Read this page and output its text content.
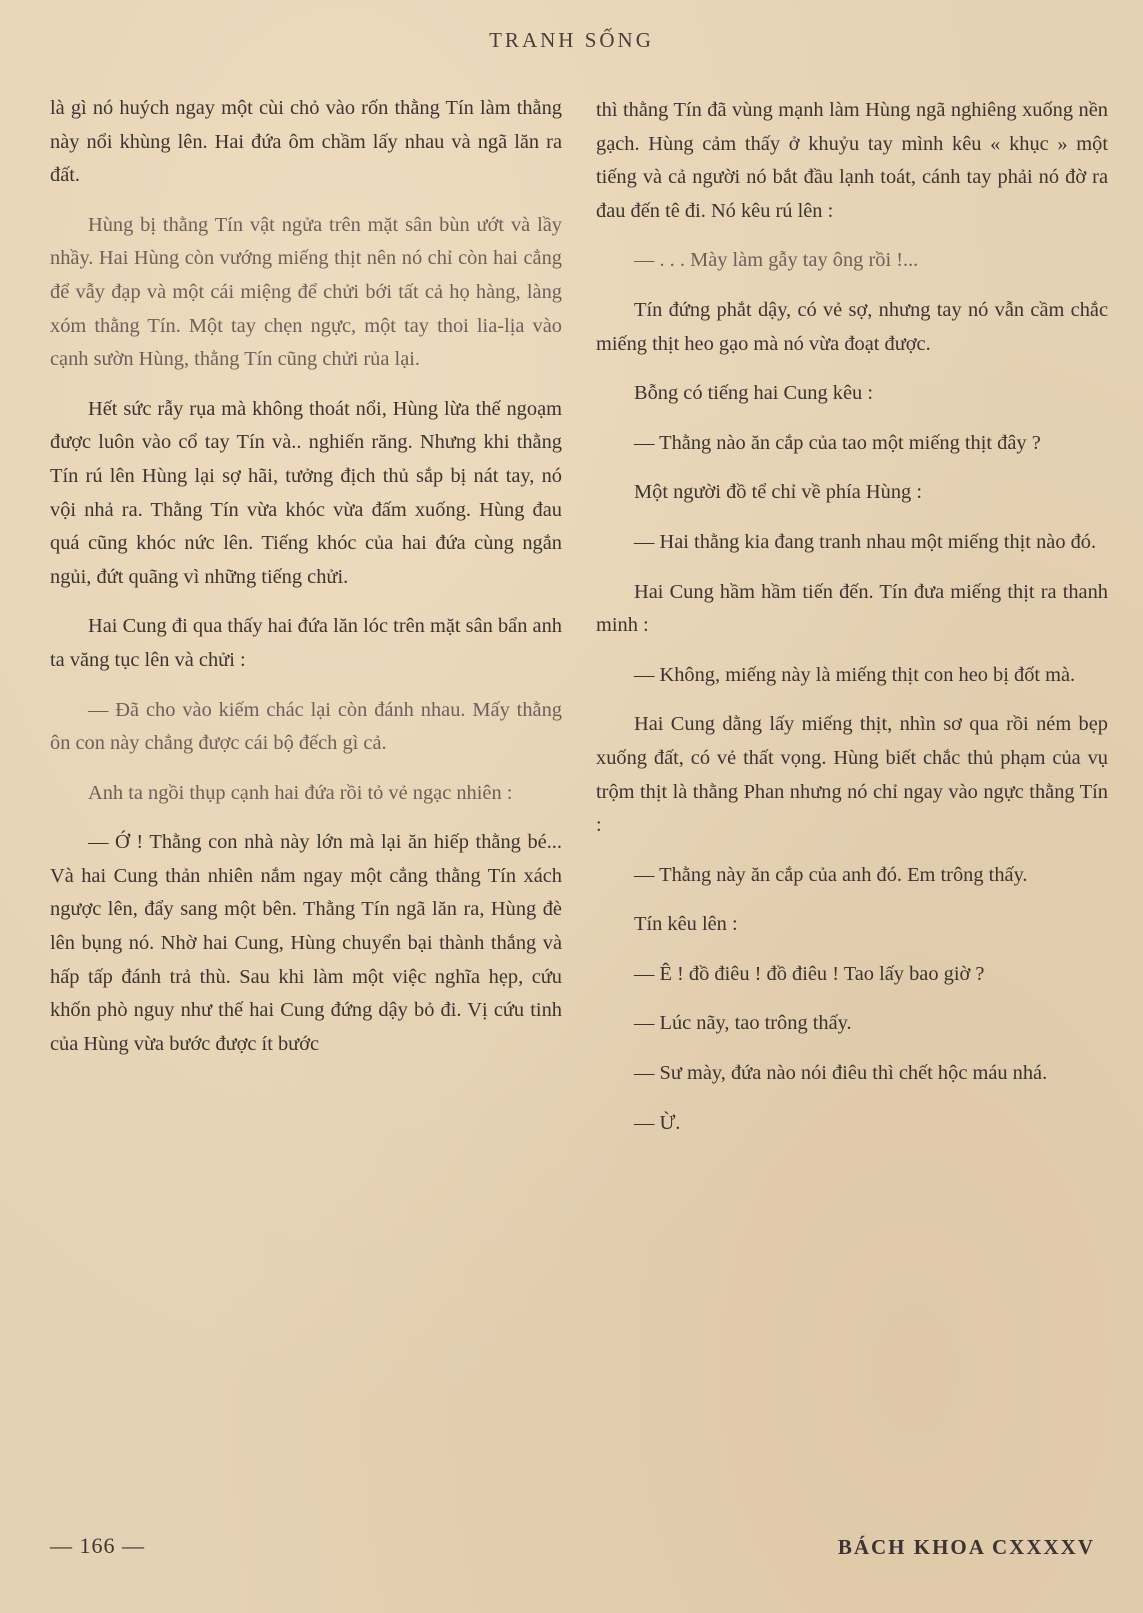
TRANH SỐNG

là gì nó huých ngay một cùi chỏ vào rốn thằng Tín làm thằng này nổi khùng lên. Hai đứa ôm chầm lấy nhau và ngã lăn ra đất.

Hùng bị thằng Tín vật ngửa trên mặt sân bùn ướt và lầy nhầy. Hai Hùng còn vướng miếng thịt nên nó chỉ còn hai cẳng để vẫy đạp và một cái miệng để chửi bới tất cả họ hàng, làng xóm thằng Tín. Một tay chẹn ngực, một tay thoi lia-lịa vào cạnh sườn Hùng, thằng Tín cũng chửi rủa lại.

Hết sức rẫy rụa mà không thoát nổi, Hùng lừa thế ngoạm được luôn vào cổ tay Tín và.. nghiến răng. Nhưng khi thằng Tín rú lên Hùng lại sợ hãi, tưởng địch thủ sắp bị nát tay, nó vội nhả ra. Thằng Tín vừa khóc vừa đấm xuống. Hùng đau quá cũng khóc nức lên. Tiếng khóc của hai đứa cùng ngắn ngủi, đứt quãng vì những tiếng chửi.

Hai Cung đi qua thấy hai đứa lăn lóc trên mặt sân bẩn anh ta văng tục lên và chửi :

— Đã cho vào kiếm chác lại còn đánh nhau. Mấy thằng ôn con này chẳng được cái bộ đếch gì cả.

Anh ta ngồi thụp cạnh hai đứa rồi tỏ vẻ ngạc nhiên :

— Ớ ! Thằng con nhà này lớn mà lại ăn hiếp thằng bé... Và hai Cung thản nhiên nắm ngay một cẳng thằng Tín xách ngược lên, đẩy sang một bên. Thằng Tín ngã lăn ra, Hùng đè lên bụng nó. Nhờ hai Cung, Hùng chuyển bại thành thắng và hấp tấp đánh trả thù. Sau khi làm một việc nghĩa hẹp, cứu khốn phò nguy như thế hai Cung đứng dậy bỏ đi. Vị cứu tinh của Hùng vừa bước được ít bước

thì thằng Tín đã vùng mạnh làm Hùng ngã nghiêng xuống nền gạch. Hùng cảm thấy ở khuỷu tay mình kêu « khục » một tiếng và cả người nó bắt đầu lạnh toát, cánh tay phải nó đờ ra đau đến tê đi. Nó kêu rú lên :

— . . . Mày làm gẫy tay ông rồi !...

Tín đứng phắt dậy, có vẻ sợ, nhưng tay nó vẫn cầm chắc miếng thịt heo gạo mà nó vừa đoạt được.

Bỗng có tiếng hai Cung kêu :

— Thằng nào ăn cắp của tao một miếng thịt đây ?

Một người đồ tể chỉ về phía Hùng :

— Hai thằng kia đang tranh nhau một miếng thịt nào đó.

Hai Cung hầm hầm tiến đến. Tín đưa miếng thịt ra thanh minh :

— Không, miếng này là miếng thịt con heo bị đốt mà.

Hai Cung dằng lấy miếng thịt, nhìn sơ qua rồi ném bẹp xuống đất, có vẻ thất vọng. Hùng biết chắc thủ phạm của vụ trộm thịt là thằng Phan nhưng nó chỉ ngay vào ngực thằng Tín :

— Thằng này ăn cắp của anh đó. Em trông thấy.

Tín kêu lên :

— Ê ! đồ điêu ! đồ điêu ! Tao lấy bao giờ ?

— Lúc nãy, tao trông thấy.

— Sư mày, đứa nào nói điêu thì chết hộc máu nhá.

— Ừ.

— 166 —	BÁCH KHOA CXXXXV
